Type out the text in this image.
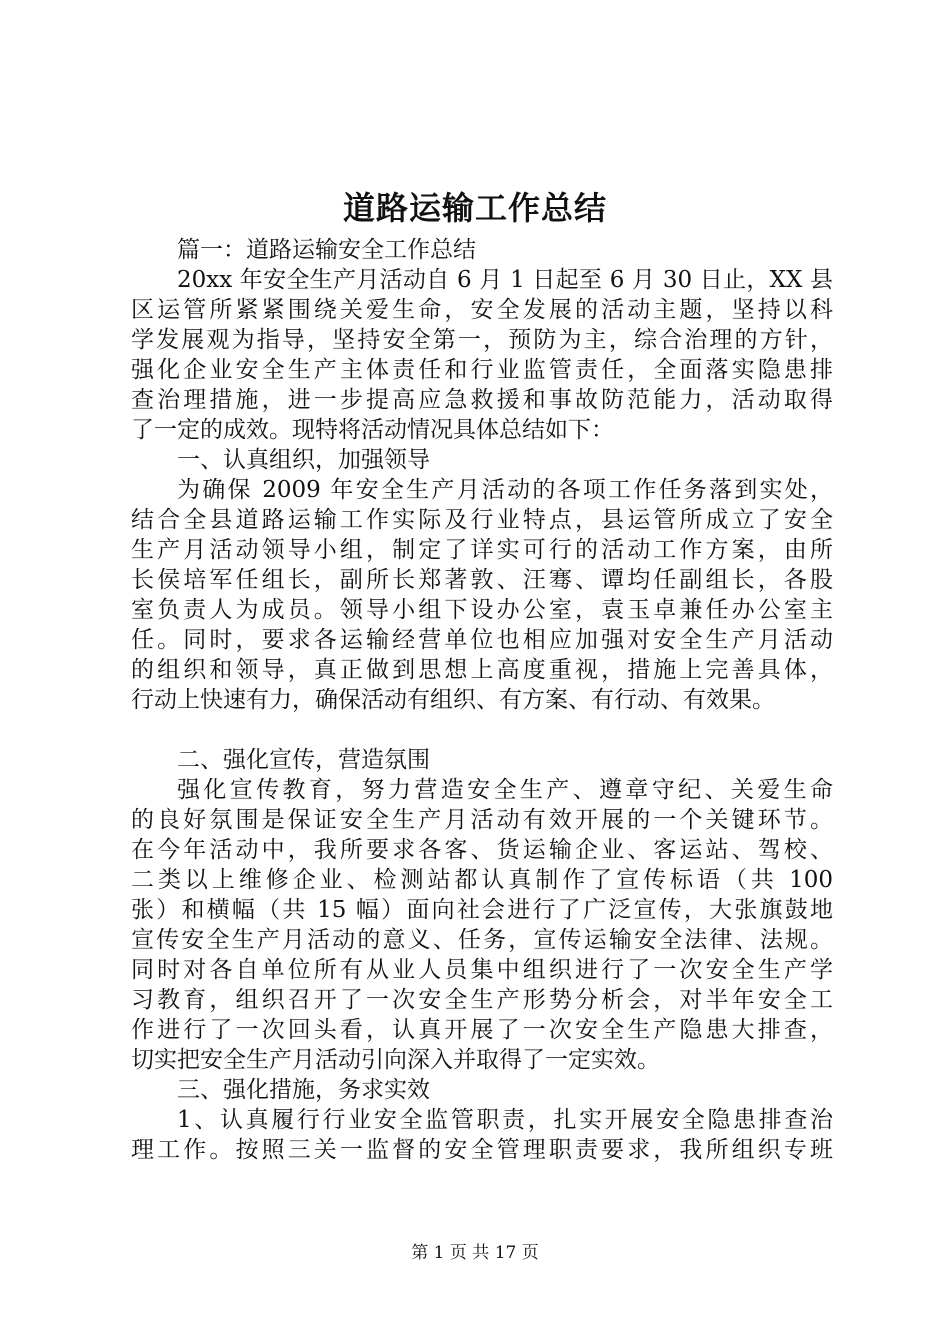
道路运输工作总结
篇一：道路运输安全工作总结
20xx 年安全生产月活动自 6 月 1 日起至 6 月 30 日止，XX 县
区运管所紧紧围绕关爱生命，安全发展的活动主题，坚持以科
学发展观为指导，坚持安全第一，预防为主，综合治理的方针，
强化企业安全生产主体责任和行业监管责任，全面落实隐患排
查治理措施，进一步提高应急救援和事故防范能力，活动取得
了一定的成效。现特将活动情况具体总结如下：
一、认真组织，加强领导
为确保 2009 年安全生产月活动的各项工作任务落到实处，
结合全县道路运输工作实际及行业特点，县运管所成立了安全
生产月活动领导小组，制定了详实可行的活动工作方案，由所
长侯培军任组长，副所长郑著敦、汪骞、谭均任副组长，各股
室负责人为成员。领导小组下设办公室，袁玉卓兼任办公室主
任。同时，要求各运输经营单位也相应加强对安全生产月活动
的组织和领导，真正做到思想上高度重视，措施上完善具体，
行动上快速有力，确保活动有组织、有方案、有行动、有效果。
二、强化宣传，营造氛围
强化宣传教育，努力营造安全生产、遵章守纪、关爱生命
的良好氛围是保证安全生产月活动有效开展的一个关键环节。
在今年活动中，我所要求各客、货运输企业、客运站、驾校、
二类以上维修企业、检测站都认真制作了宣传标语（共 100
张）和横幅（共 15 幅）面向社会进行了广泛宣传，大张旗鼓地
宣传安全生产月活动的意义、任务，宣传运输安全法律、法规。
同时对各自单位所有从业人员集中组织进行了一次安全生产学
习教育，组织召开了一次安全生产形势分析会，对半年安全工
作进行了一次回头看，认真开展了一次安全生产隐患大排查，
切实把安全生产月活动引向深入并取得了一定实效。
三、强化措施，务求实效
1、认真履行行业安全监管职责，扎实开展安全隐患排查治
理工作。按照三关一监督的安全管理职责要求，我所组织专班
第 1 页 共 17 页
